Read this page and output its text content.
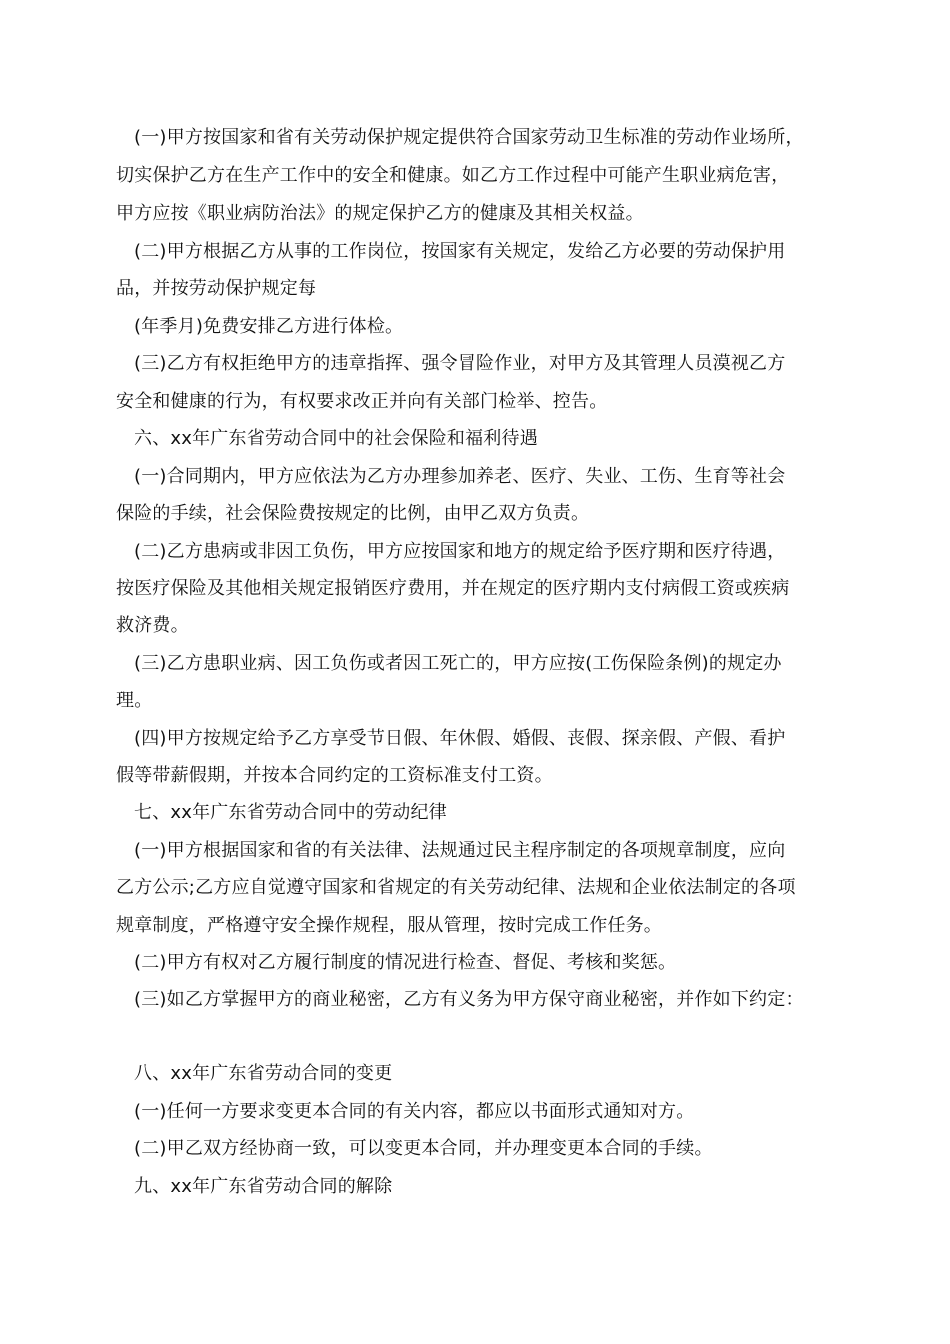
(一)甲方按国家和省有关劳动保护规定提供符合国家劳动卫生标准的劳动作业场所，
切实保护乙方在生产工作中的安全和健康。如乙方工作过程中可能产生职业病危害，
甲方应按《职业病防治法》的规定保护乙方的健康及其相关权益。
(二)甲方根据乙方从事的工作岗位，按国家有关规定，发给乙方必要的劳动保护用
品，并按劳动保护规定每
(年季月)免费安排乙方进行体检。
(三)乙方有权拒绝甲方的违章指挥、强令冒险作业，对甲方及其管理人员漠视乙方
安全和健康的行为，有权要求改正并向有关部门检举、控告。
六、xx年广东省劳动合同中的社会保险和福利待遇
(一)合同期内，甲方应依法为乙方办理参加养老、医疗、失业、工伤、生育等社会
保险的手续，社会保险费按规定的比例，由甲乙双方负责。
(二)乙方患病或非因工负伤，甲方应按国家和地方的规定给予医疗期和医疗待遇，
按医疗保险及其他相关规定报销医疗费用，并在规定的医疗期内支付病假工资或疾病
救济费。
(三)乙方患职业病、因工负伤或者因工死亡的，甲方应按(工伤保险条例)的规定办
理。
(四)甲方按规定给予乙方享受节日假、年休假、婚假、丧假、探亲假、产假、看护
假等带薪假期，并按本合同约定的工资标准支付工资。
七、xx年广东省劳动合同中的劳动纪律
(一)甲方根据国家和省的有关法律、法规通过民主程序制定的各项规章制度，应向
乙方公示;乙方应自觉遵守国家和省规定的有关劳动纪律、法规和企业依法制定的各项
规章制度，严格遵守安全操作规程，服从管理，按时完成工作任务。
(二)甲方有权对乙方履行制度的情况进行检查、督促、考核和奖惩。
(三)如乙方掌握甲方的商业秘密，乙方有义务为甲方保守商业秘密，并作如下约定：
八、xx年广东省劳动合同的变更
(一)任何一方要求变更本合同的有关内容，都应以书面形式通知对方。
(二)甲乙双方经协商一致，可以变更本合同，并办理变更本合同的手续。
九、xx年广东省劳动合同的解除
